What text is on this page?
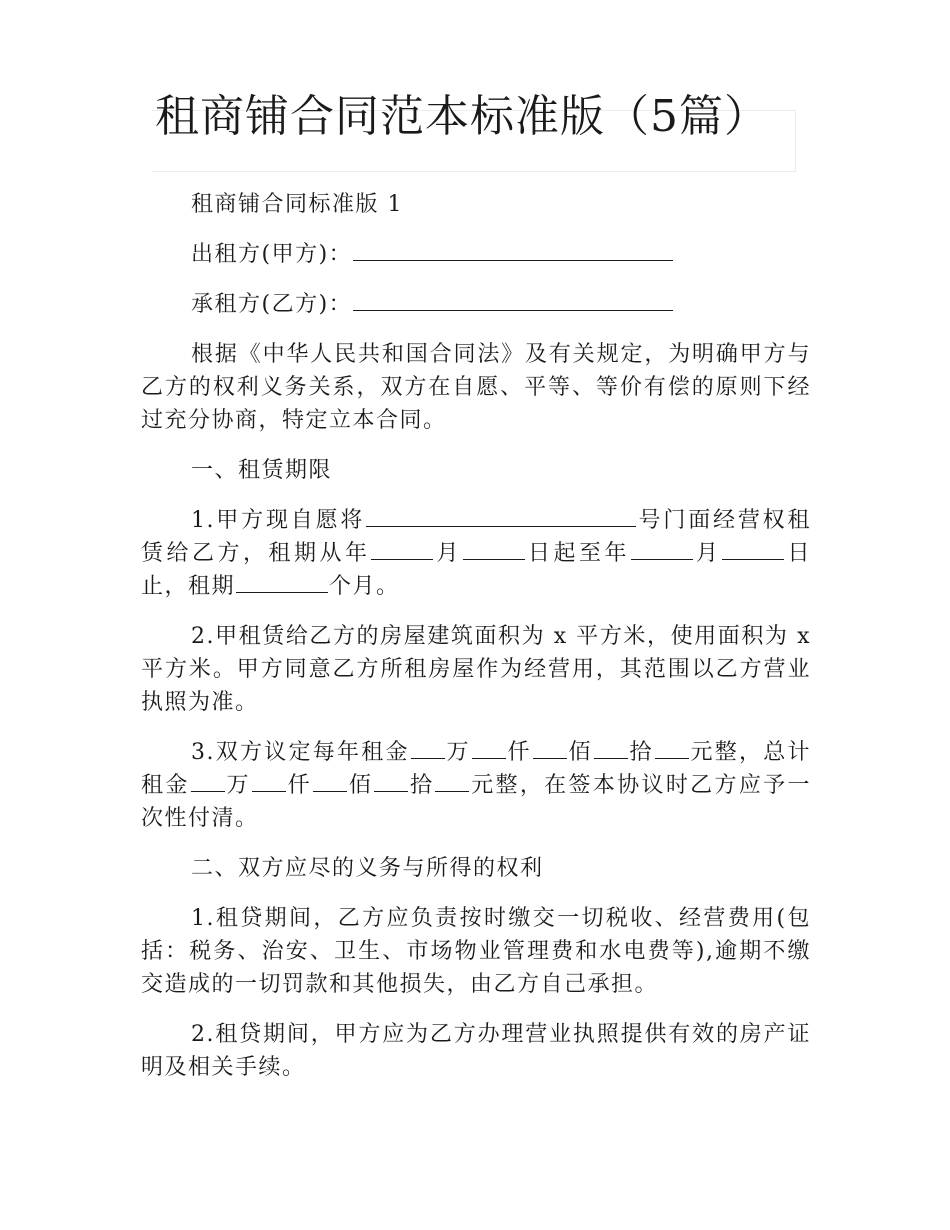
租商铺合同范本标准版（5篇）

租商铺合同标准版 1

出租方(甲方)：

承租方(乙方)：

根据《中华人民共和国合同法》及有关规定，为明确甲方与乙方的权利义务关系，双方在自愿、平等、等价有偿的原则下经过充分协商，特定立本合同。

一、租赁期限

1.甲方现自愿将	号门面经营权租赁给乙方，租期从年	月	日起至年	月	日止，租期	个月。

2.甲租赁给乙方的房屋建筑面积为 x 平方米，使用面积为 x 平方米。甲方同意乙方所租房屋作为经营用，其范围以乙方营业执照为准。

3.双方议定每年租金 万 仟 佰 拾 元整，总计租金 万 仟 佰 拾 元整，在签本协议时乙方应予一次性付清。

二、双方应尽的义务与所得的权利

1.租贷期间，乙方应负责按时缴交一切税收、经营费用(包括：税务、治安、卫生、市场物业管理费和水电费等),逾期不缴交造成的一切罚款和其他损失，由乙方自己承担。

2.租贷期间，甲方应为乙方办理营业执照提供有效的房产证明及相关手续。
